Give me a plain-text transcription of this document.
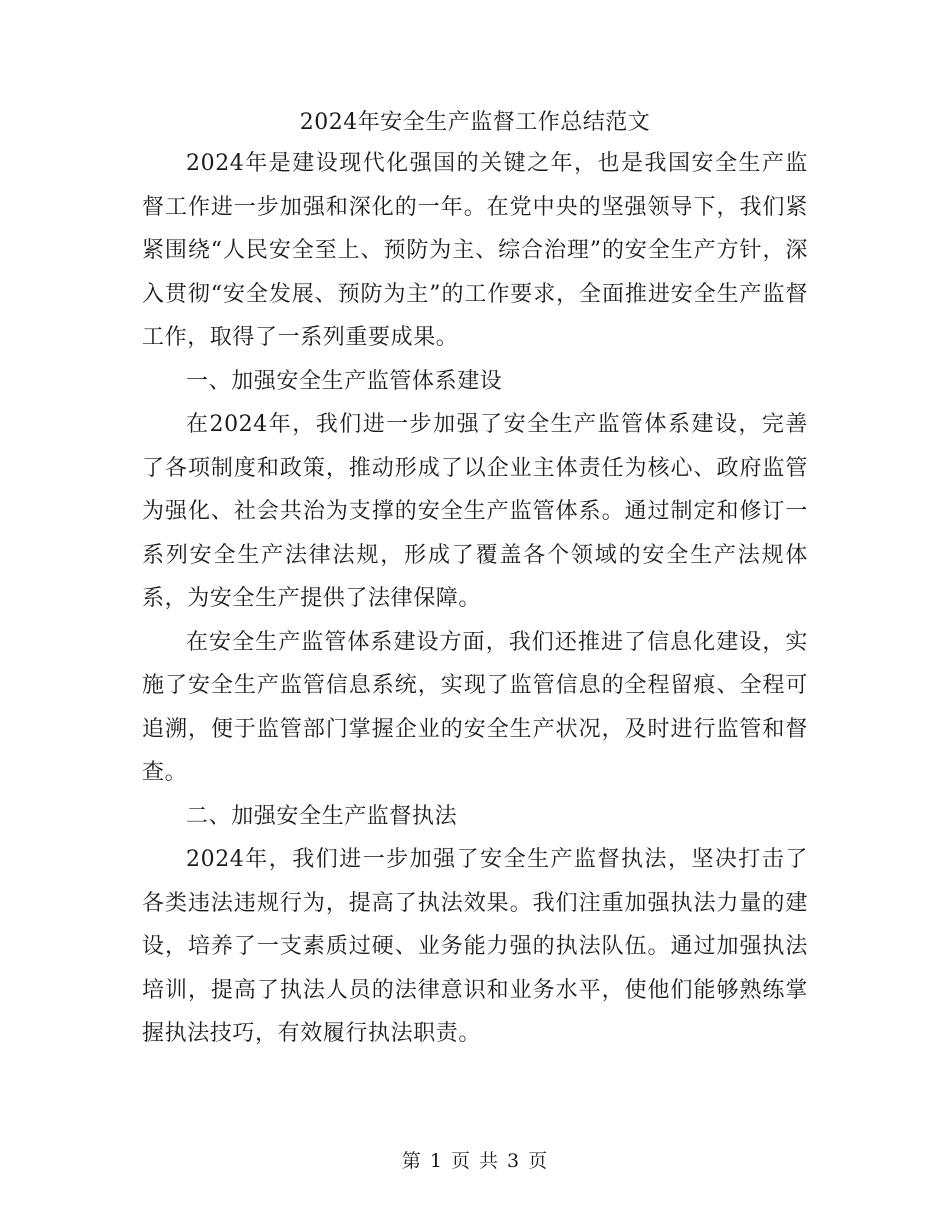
2024年安全生产监督工作总结范文

2024年是建设现代化强国的关键之年，也是我国安全生产监督工作进一步加强和深化的一年。在党中央的坚强领导下，我们紧紧围绕“人民安全至上、预防为主、综合治理”的安全生产方针，深入贯彻“安全发展、预防为主”的工作要求，全面推进安全生产监督工作，取得了一系列重要成果。

一、加强安全生产监管体系建设

在2024年，我们进一步加强了安全生产监管体系建设，完善了各项制度和政策，推动形成了以企业主体责任为核心、政府监管为强化、社会共治为支撑的安全生产监管体系。通过制定和修订一系列安全生产法律法规，形成了覆盖各个领域的安全生产法规体系，为安全生产提供了法律保障。

在安全生产监管体系建设方面，我们还推进了信息化建设，实施了安全生产监管信息系统，实现了监管信息的全程留痕、全程可追溯，便于监管部门掌握企业的安全生产状况，及时进行监管和督查。

二、加强安全生产监督执法

2024年，我们进一步加强了安全生产监督执法，坚决打击了各类违法违规行为，提高了执法效果。我们注重加强执法力量的建设，培养了一支素质过硬、业务能力强的执法队伍。通过加强执法培训，提高了执法人员的法律意识和业务水平，使他们能够熟练掌握执法技巧，有效履行执法职责。

第 1 页 共 3 页
